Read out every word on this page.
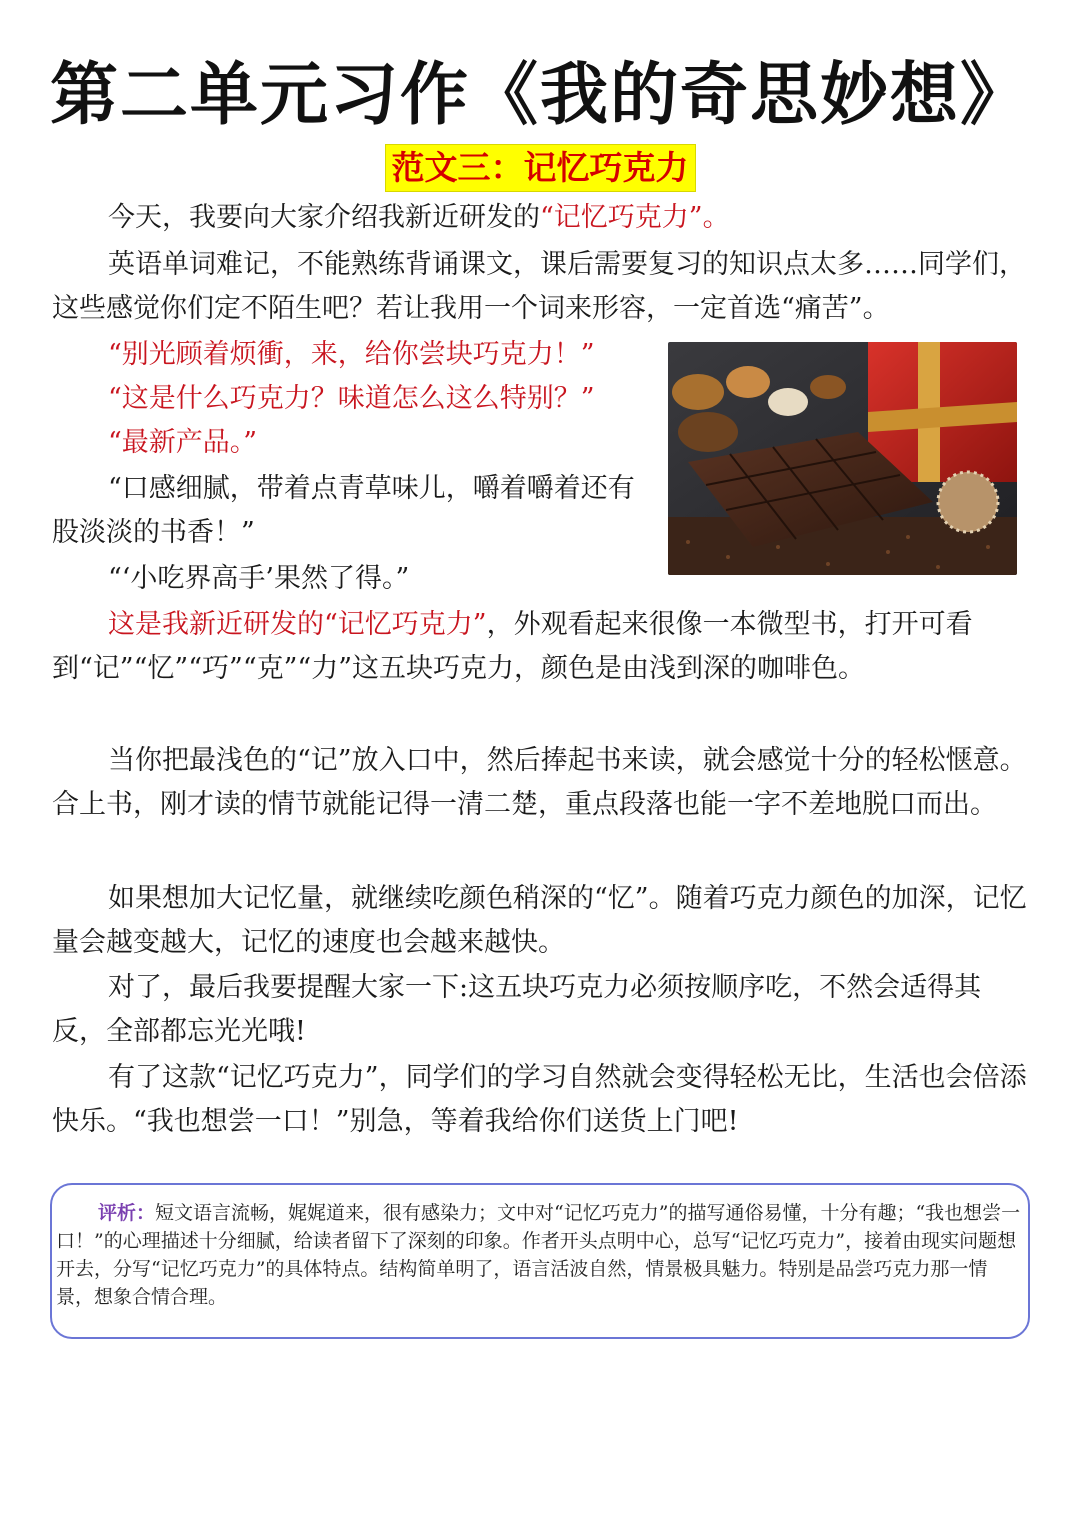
第二单元习作《我的奇思妙想》
范文三：记忆巧克力

今天，我要向大家介绍我新近研发的“记忆巧克力”。

英语单词难记，不能熟练背诵课文，课后需要复习的知识点太多……同学们，这些感觉你们定不陌生吧？若让我用一个词来形容，一定首选“痛苦”。

“别光顾着烦衝，来，给你尝块巧克力！”

“这是什么巧克力？味道怎么这么特别？”

“最新产品。”

“口感细腻，带着点青草味儿，嚼着嚼着还有股淡淡的书香！”

“‘小吃界高手’果然了得。”

这是我新近研发的“记忆巧克力”，外观看起来很像一本微型书，打开可看到“记”“忆”“巧”“克”“力”这五块巧克力，颜色是由浅到深的咖啡色。

当你把最浅色的“记”放入口中，然后捧起书来读，就会感觉十分的轻松惬意。合上书，刚才读的情节就能记得一清二楚，重点段落也能一字不差地脱口而出。

如果想加大记忆量，就继续吃颜色稍深的“忆”。随着巧克力颜色的加深，记忆量会越变越大，记忆的速度也会越来越快。

对了，最后我要提醒大家一下:这五块巧克力必须按顺序吃，不然会适得其反，全部都忘光光哦!

有了这款“记忆巧克力”，同学们的学习自然就会变得轻松无比，生活也会倍添快乐。“我也想尝一口！”别急，等着我给你们送货上门吧!

评析：短文语言流畅，娓娓道来，很有感染力；文中对“记忆巧克力”的描写通俗易懂，十分有趣；“我也想尝一口！”的心理描述十分细腻，给读者留下了深刻的印象。作者开头点明中心，总写“记忆巧克力”，接着由现实问题想开去，分写“记忆巧克力”的具体特点。结构简单明了，语言活波自然，情景极具魅力。特别是品尝巧克力那一情景，想象合情合理。
